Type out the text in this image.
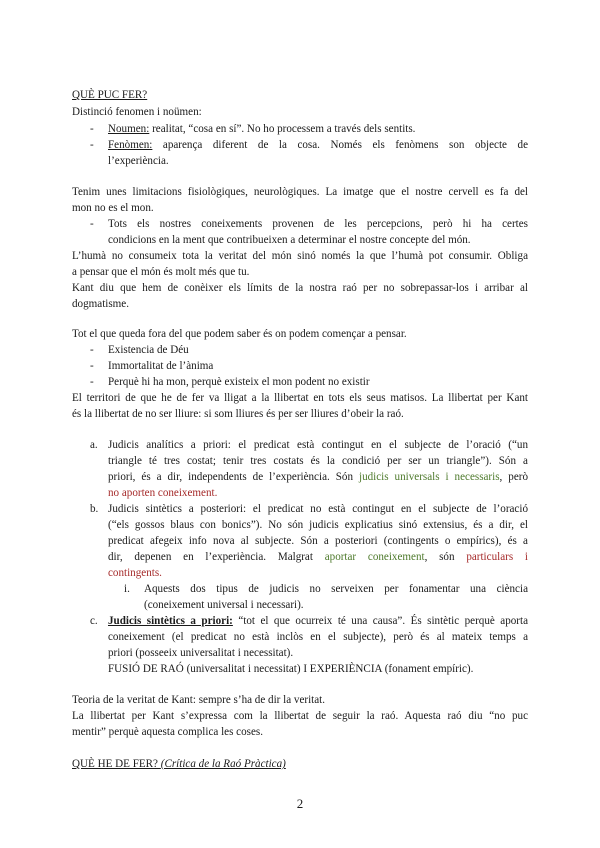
QUÈ PUC FER?
Distinció fenomen i noümen:
- Noumen: realitat, “cosa en sí”. No ho processem a través dels sentits.
- Fenòmen: aparença diferent de la cosa. Només els fenòmens son objecte de
l’experiència.
Tenim unes limitacions fisiològiques, neurològiques. La imatge que el nostre cervell es fa del
mon no es el mon.
- Tots els nostres coneixements provenen de les percepcions, però hi ha certes
condicions en la ment que contribueixen a determinar el nostre concepte del món.
L’humà no consumeix tota la veritat del món sinó només la que l’humà pot consumir. Obliga
a pensar que el món és molt més que tu.
Kant diu que hem de conèixer els límits de la nostra raó per no sobrepassar-los i arribar al
dogmatisme.
Tot el que queda fora del que podem saber és on podem començar a pensar.
- Existencia de Déu
- Immortalitat de l’ànima
- Perquè hi ha mon, perquè existeix el mon podent no existir
El territori de que he de fer va lligat a la llibertat en tots els seus matisos. La llibertat per Kant
és la llibertat de no ser lliure: si som lliures és per ser lliures d’obeir la raó.
a. Judicis analítics a priori: el predicat està contingut en el subjecte de l’oració (“un
triangle té tres costat; tenir tres costats és la condició per ser un triangle”). Són a
priori, és a dir, independents de l’experiència. Són judicis universals i necessaris, però
no aporten coneixement.
b. Judicis sintètics a posteriori: el predicat no està contingut en el subjecte de l’oració
(“els gossos blaus con bonics”). No són judicis explicatius sinó extensius, és a dir, el
predicat afegeix info nova al subjecte. Són a posteriori (contingents o empírics), és a
dir, depenen en l’experiència. Malgrat aportar coneixement, són particulars i
contingents.
i. Aquests dos tipus de judicis no serveixen per fonamentar una ciència
(coneixement universal i necessari).
c. Judicis sintètics a priori: “tot el que ocurreix té una causa”. És sintètic perquè aporta
coneixement (el predicat no està inclòs en el subjecte), però és al mateix temps a
priori (posseeix universalitat i necessitat).
FUSIÓ DE RAÓ (universalitat i necessitat) I EXPERIÈNCIA (fonament empíric).
Teoria de la veritat de Kant: sempre s’ha de dir la veritat.
La llibertat per Kant s’expressa com la llibertat de seguir la raó. Aquesta raó diu “no puc
mentir” perquè aquesta complica les coses.
QUÈ HE DE FER? (Crítica de la Raó Pràctica)
2
